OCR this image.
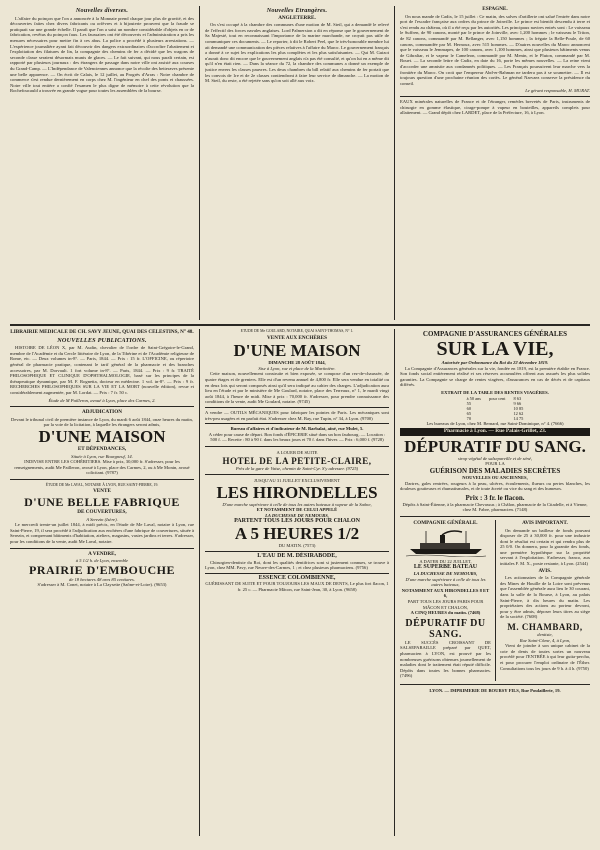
Nouvelles diverses.

L'affaire du poinçon que l'on a annoncée à la Monnaie prend chaque jour plus de gravité, et des découvertes faites chez divers fabricants ou orfèvres et à bijouterie prouvent que la fraude se pratiquait sur une grande échelle. Il paraît que l'on a saisi un nombre considérable d'objets en or de fabrication, revêtus du poinçon faux. Les faussaires ont été découverts et l'administration a pris les mesures nécessaires pour mettre fin à ces abus. La police a procédé à plusieurs arrestations. — L'expérience journalière ayant fait découvrir des dangers extraordinaires d'accroître l'abattement et l'exploitation des filatures de lin, la compagnie des chemins de fer a décidé que les wagons de seconde classe seraient désormais munis de glaces. — Le fait suivant, qui nous paraît certain, est rapporté par plusieurs journaux : des étrangers de passage dans notre ville ont assisté aux courses du Grand-Camp. — L'Indépendance de Valenciennes annonce que la récolte des betteraves présente une belle apparence. — On écrit de Calais, le 12 juillet, au Progrès d'Arras : Notre chambre de commerce s'est rendue dernièrement en corps chez M. l'ingénieur en chef des ponts et chaussées. Notre ville tout entière a confié l'examen le plus digne de mémoire à cette révolution que la Rochefoucauld a trouvée en grande vogue pour toutes les assemblées de la bourse.

Nouvelles Etrangères.
ANGLETERRE.

On s'est occupé à la chambre des communes d'une motion de M. Steil, qui a demandé le relevé de l'effectif des forces navales anglaises. Lord Palmerston a dit en réponse que le gouvernement de Sa Majesté, tout en reconnaissant l'importance de la marine marchande, ne croyait pas utile de communiquer ces documents. — Le reporter, à dit le Robert Peel, que le très-honorable membre lui ait demandé une communication des pièces relatives à l'affaire du Maroc. Le gouvernement français a donné à ce sujet les explications les plus complètes et les plus satisfaisantes. — Qui M. Guizot n'aurait donc dit encore que le gouvernement anglais n'a pas été consulté, et qu'on lui en a même dit qu'il n'en était rien. — Dans la séance du 72, la chambre des communes a donné un exemple de justice envers les classes pauvres. Les deux chambres du bill relatif aux chemins de fer portait que les convois de 1re et de 2e classes contiendront à faire leur service de dimanche. — La motion de M. Steil, du reste, a été rejetée sans qu'on soit allé aux voix.

ESPAGNE.

On nous mande de Cadix, le 15 juillet : Ce matin, des salves d'artillerie ont salué l'entrée dans notre port de l'escadre française aux ordres du prince de Joinville. Le prince est bientôt descendu à terre et s'est rendu au château, où il a été reçu par les autorités. Les principaux navires entrés sont : Le vaisseau le Suffren, de 90 canons, monté par le prince de Joinville, avec 1,200 hommes ; le vaisseau le Triton, de 82 canons, commandé par M. Bellanger, avec 1,150 hommes ; la frégate la Belle-Poule, de 60 canons, commandée par M. Hernoux, avec 515 hommes. — D'autres nouvelles du Maroc annoncent que le vaisseau le Jemmapes, de 100 canons, avec 1,100 hommes, ainsi que plusieurs bâtiments venus de Gibraltar, et le vapeur le Cameleon, commandé par M. Menin, et le Pluton, commandé par M. Bouet. — La seconde lettre de Cadix, en date du 16, porte les mêmes nouvelles. — La reine vient d'accorder une amnistie aux condamnés politiques. — Les Français poursuivent leur marche vers la frontière du Maroc. On croit que l'empereur Abd-er-Rahman ne tardera pas à se soumettre. — Il est toujours question d'une prochaine réunion des cortès. Le général Narvaez conserve la présidence du conseil.

Le gérant responsable, H. MURAT.
EAUX minérales naturelles de France et de l'étranger, remèdes brevetés de Paris, instruments de chirurgie en gomme élastique, cirage-pompe à vapeur en bouteilles, appareils complets pour allaitement. — Grand dépôt chez LARDET, place de la Préfecture, 16, à Lyon.
LIBRAIRIE MÉDICALE DE CH. SAVY JEUNE, QUAI DES CÉLESTINS, N° 48.
NOUVELLES PUBLICATIONS.

HISTOIRE DE LÉON X, par M. Audin, chevalier de l'ordre de Saint-Grégoire-le-Grand, membre de l'Académie et du Cercle littéraire de Lyon, de la Tibérine et de l'Académie religieuse de Rome, etc. — Deux volumes in-8°. — Paris, 1844. — Prix : 15 fr. L'OFFICINE, ou répertoire général de pharmacie pratique, contenant le tarif général de la pharmacie et des branches accessoires, par M. Dorvault. 1 fort volume in-8°. — Paris, 1844. — Prix : 9 fr. TRAITÉ PHILOSOPHIQUE ET CLINIQUE D'OPHTHALMOLOGIE, basé sur les principes de la thérapeutique dynamique, par M. F. Rognetta, docteur en médecine. 1 vol. in-8°. — Prix : 9 fr. RECHERCHES PHILOSOPHIQUES SUR LA VIE ET LA MORT (nouvelle édition), revue et considérablement augmentée, par M. Lordat. — Prix : 7 fr. 50 c.

Étude de M Pailleron, avoué à Lyon, place des Carmes, 2.
ADJUDICATION
Devant le tribunal civil de première instance de Lyon, du mardi 6 août 1844, onze heures du matin, par la voie de la licitation, à laquelle les étrangers seront admis,
D'UNE MAISON
ET DÉPENDANCES,
Située à Lyon, rue Bourgneuf, 14.
INDIVISE ENTRE LES COHÉRITIERS. Mise à prix, 30,000 fr. S'adresser, pour les renseignements, audit Me Pailleron, avoué à Lyon, place des Carmes, 2, ou à Me Monin, avoué colicitant. (9787)
ÉTUDE DE Me LAVAL, NOTAIRE À LYON, RUE SAINT-PIERRE, 19.
VENTE
D'UNE BELLE FABRIQUE
DE COUVERTURES,
A Serezin (Isère).

Le mercredi trente-un juillet 1844, à midi précis, en l'étude de Me Laval, notaire à Lyon, rue Saint-Pierre, 19, il sera procédé à l'adjudication aux enchères d'une fabrique de couvertures, située à Serezin, et comprenant bâtiments d'habitation, ateliers, magasins, vastes jardins et terres. S'adresser, pour les conditions de la vente, audit Me Laval, notaire.

A VENDRE,
à 5 1/2 h. de Lyon, ensemble
PRAIRIE D'EMBOUCHE
de 18 hectares 48 ares 85 centiares.
S'adresser à M. Conet, notaire à La Claysette (Saône-et-Loire). (9653)
ÉTUDE DE Me GOULARD, NOTAIRE, QUAI SAINT-THOMAS, N° 1.
VENTE AUX ENCHÈRES
D'UNE MAISON
DIMANCHE 28 AOÛT 1844,
Sise à Lyon, rue et place de la Martinière.

Cette maison, nouvellement construite et bien exposée, se compose d'un rez-de-chaussée, de quatre étages et de greniers. Elle est d'un revenu annuel de 4,800 fr. Elle sera vendue en totalité ou en deux lots qui seront composés ainsi qu'il sera indiqué au cahier des charges. L'adjudication aura lieu en l'étude et par le ministère de Me Goulard, notaire, place des Terreaux, n° 1, le mardi vingt août 1844, à l'heure de midi. Mise à prix : 70,000 fr. S'adresser, pour prendre connaissance des conditions de la vente, audit Me Goulard, notaire. (9745)

A vendre — OUTILS MÉCANIQUES pour fabriquer les pointes de Paris. Les mécaniques sont très-peu usagées et en parfait état. S'adresser chez M. Bay, rue Tupin, n° 34, à Lyon. (9700)
Bureau d'affaires et d'indicateur de M. Barbalat, aîné, rue Mulet, 5.
A céder pour cause de départ. Bon fonds d'ÉPICERIE situé dans un bon faubourg. — Location : 500 f. — Recette : 80 à 90 f. dans les beaux jours et 70 f. dans l'hiver. — Prix : 6,000 f. (9728)
A LOUER DE SUITE
HOTEL DE LA PETITE-CLAIRE,
Près de la gare de Vaise, chemin de Saint-Cyr. S'y adresser. (9725)
JUSQU'AU 31 JUILLET EXCLUSIVEMENT
LES HIRONDELLES
D'une marche supérieure à celle de tous les autres bateaux à vapeur de la Saône,
ET NOTAMMENT DE CELUI APPELÉ
LA DUCHESSE DE NEMOURS,
PARTENT TOUS LES JOURS POUR CHALON
A 5 HEURES 1/2
DU MATIN. (7573)
L'EAU DE M. DÉSIRABODE,

Chirurgien-dentiste du Roi, dont les qualités dentifrices sont si justement connues, se trouve à Lyon, chez MM. Pavy, rue Neuve-des-Carmes, 1 ; et chez plusieurs pharmaciens. (9756)

ESSENCE COLOMBIENNE,
GUÉRISSANT DE SUITE ET POUR TOUJOURS LES MAUX DE DENTS, Le plus fort flacon, 1 fr. 25 c. — Pharmacie Mâcon, rue Saint-Jean, 30, à Lyon. (9658)
COMPAGNIE D'ASSURANCES GÉNÉRALES
SUR LA VIE,
Autorisée par Ordonnance du Roi du 22 décembre 1819.

La Compagnie d'Assurances générales sur la vie, fondée en 1819, est la première établie en France. Son fonds social entièrement réalisé et ses réserves accumulées offrent aux assurés les plus solides garanties. La Compagnie se charge de rentes viagères, d'assurances en cas de décès et de capitaux différés.

EXTRAIT DE LA TABLE DES RENTES VIAGÈRES.
à 50 ans	pour cent	8 63
55		9 66
60		10 85
65		12 62
70		14 75
Les bureaux de Lyon, chez M. Bernard, rue Saint-Dominique, n° 4. (7666)
Pharmacie à Lyon. — Rue Palais-Grillet, 23.
DÉPURATIF DU SANG.
sirop végétal de salsepareille et de séné,
POUR LA
GUÉRISON DES MALADIES SECRÈTES
NOUVELLES OU ANCIENNES,

Dartres, gales rentrées, rougeurs à la peau, ulcères, écoulements, flueurs ou pertes blanches, les douleurs goutteuses et rhumatismales, et de toute âcreté ou vice du sang et des humeurs.

Prix : 3 fr. le flacon.
Dépôts à Saint-Étienne, à la pharmacie Chevassus ; à Châlon, pharmacie de la Citadelle, et à Vienne, chez M. Fabre, pharmacien. (7148)
COMPAGNIE GÉNÉRALE.
A DATER DU 22 JUILLET,
LE SUPERBE BATEAU
LA DUCHESSE DE NEMOURS,
D'une marche supérieure à celle de tous les autres bateaux,
NOTAMMENT AUX HIRONDELLES 8 ET 6,
PART TOUS LES JOURS PARIS POUR MÂCON ET CHALON,
A CINQ HEURES du matin. (7468)
DÉPURATIF DU SANG.

LE SUCCÈS CROISSANT DE SALSEPARAILLE préparé par QUET, pharmacien à LYON, est prouvé par les nombreuses guérisons obtenues journellement de maladies dont le traitement était réputé difficile. Dépôts dans toutes les bonnes pharmacies. (7496)

AVIS IMPORTANT.

On demande un bailleur de fonds pouvant disposer de 25 à 30,000 fr. pour une industrie dont le résultat est certain et qui rendra plus de 25 0/0. On donnera, pour la garantie des fonds, une première hypothèque sur la propriété servant à l'exploitation. S'adresser, franco, aux initiales F. M. X., poste restante, à Lyon. (2544)

AVIS.

Les actionnaires de la Compagnie générale des Mines de Houille de la Loire sont prévenus que l'assemblée générale aura lieu le 30 courant, dans la salle de la Bourse, à Lyon, au palais Saint-Pierre, à dix heures du matin. Les propriétaires des actions au porteur devront, pour y être admis, déposer leurs titres au siège de la société. (7608)

M. CHAMBARD,
dentiste,
Rue Saint-Côme, 4, à Lyon,

Vient de joindre à son unique cabinet de la cote de dents de toutes sortes un nouveau procédé pour l'ENTRÉE à qui leur gutta-percha, et pour procurer l'emploi ordinaire de l'Éther. Consultations tous les jours de 9 h. à 4 h. (9750)

LYON. — IMPRIMERIE DE BOURSY FILS, Rue Poulaillerie, 19.
